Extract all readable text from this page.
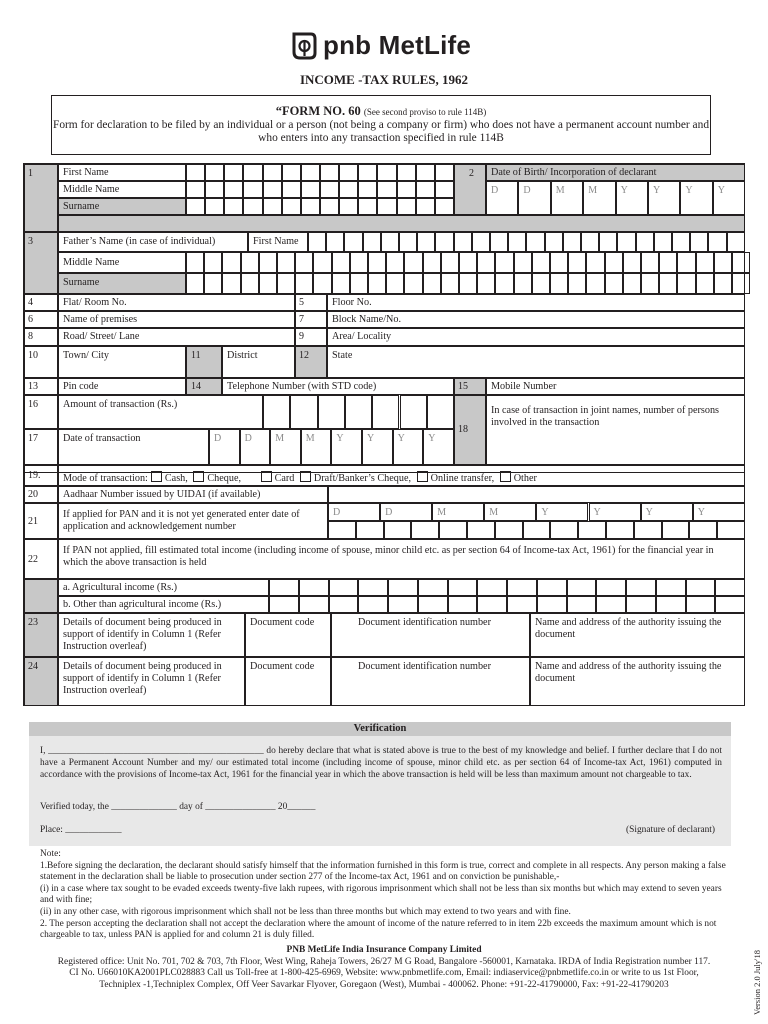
pnb MetLife
INCOME -TAX RULES, 1962
“FORM NO. 60 (See second proviso to rule 114B)
Form for declaration to be filed by an individual or a person (not being a company or firm) who does not have a permanent account number and who enters into any transaction specified in rule 114B
1	First Name
Middle Name
Surname
2 Date of Birth/ Incorporation of declarant
D	D	M M Y	Y	Y	Y
3	Father’s Name (in case of individual)	First Name
Middle Name
Surname
4	Flat/ Room No.	5	Floor No.
6	Name of premises	7	Block Name/No.
8	Road/ Street/ Lane	9	Area/ Locality
10 Town/ City	11	District	12 State
13 Pin code	14	Telephone Number (with STD code)	15 Mobile Number
16 Amount of transaction (Rs.)
17 Date of transaction	D D M M Y Y Y Y
18
In case of transaction in joint names, number of persons involved in the transaction
19. Mode of transaction: Cash, Cheque,	Card Draft/Banker’s Cheque, Online transfer, Other
20 Aadhaar Number issued by UIDAI (if available)
21
If applied for PAN and it is not yet generated enter date of application and acknowledgement number
D	D	M	M	Y	Y	Y	Y
22
If PAN not applied, fill estimated total income (including income of spouse, minor child etc. as per section 64 of Income-tax Act, 1961) for the financial year in which the above transaction is held
a. Agricultural income (Rs.)
b. Other than agricultural income (Rs.)
23 Details of document being produced in support of identify in Column 1 (Refer Instruction overleaf)
Document code	Document identification number	Name and address of the authority issuing the document
24 Details of document being produced in support of identify in Column 1 (Refer Instruction overleaf)
Document code	Document identification number	Name and address of the authority issuing the document
Verification
I, ______________________________________________ do hereby declare that what is stated above is true to the best of my knowledge and belief. I further declare that I do not have a Permanent Account Number and my/ our estimated total income (including income of spouse, minor child etc. as per section 64 of Income-tax Act, 1961) computed in accordance with the provisions of Income-tax Act, 1961 for the financial year in which the above transaction is held will be less than maximum amount not chargeable to tax.
Verified today, the ______________ day of _______________ 20______
Place: ____________	(Signature of declarant)
Note:
1.Before signing the declaration, the declarant should satisfy himself that the information furnished in this form is true, correct and complete in all respects. Any person making a false statement in the declaration shall be liable to prosecution under section 277 of the Income-tax Act, 1961 and on conviction be punishable,-
(i) in a case where tax sought to be evaded exceeds twenty-five lakh rupees, with rigorous imprisonment which shall not be less than six months but which may extend to seven years and with fine;
(ii) in any other case, with rigorous imprisonment which shall not be less than three months but which may extend to two years and with fine.
2. The person accepting the declaration shall not accept the declaration where the amount of income of the nature referred to in item 22b exceeds the maximum amount which is not chargeable to tax, unless PAN is applied for and column 21 is duly filled.
PNB MetLife India Insurance Company Limited
Registered office: Unit No. 701, 702 & 703, 7th Floor, West Wing, Raheja Towers, 26/27 M G Road, Bangalore -560001, Karnataka. IRDA of India Registration number 117.
CI No. U66010KA2001PLC028883 Call us Toll-free at 1-800-425-6969, Website: www.pnbmetlife.com, Email: indiaservice@pnbmetlife.co.in or write to us 1st Floor,
Techniplex -1,Techniplex Complex, Off Veer Savarkar Flyover, Goregaon (West), Mumbai - 400062. Phone: +91-22-41790000, Fax: +91-22-41790203	Version 2.0 July'18
